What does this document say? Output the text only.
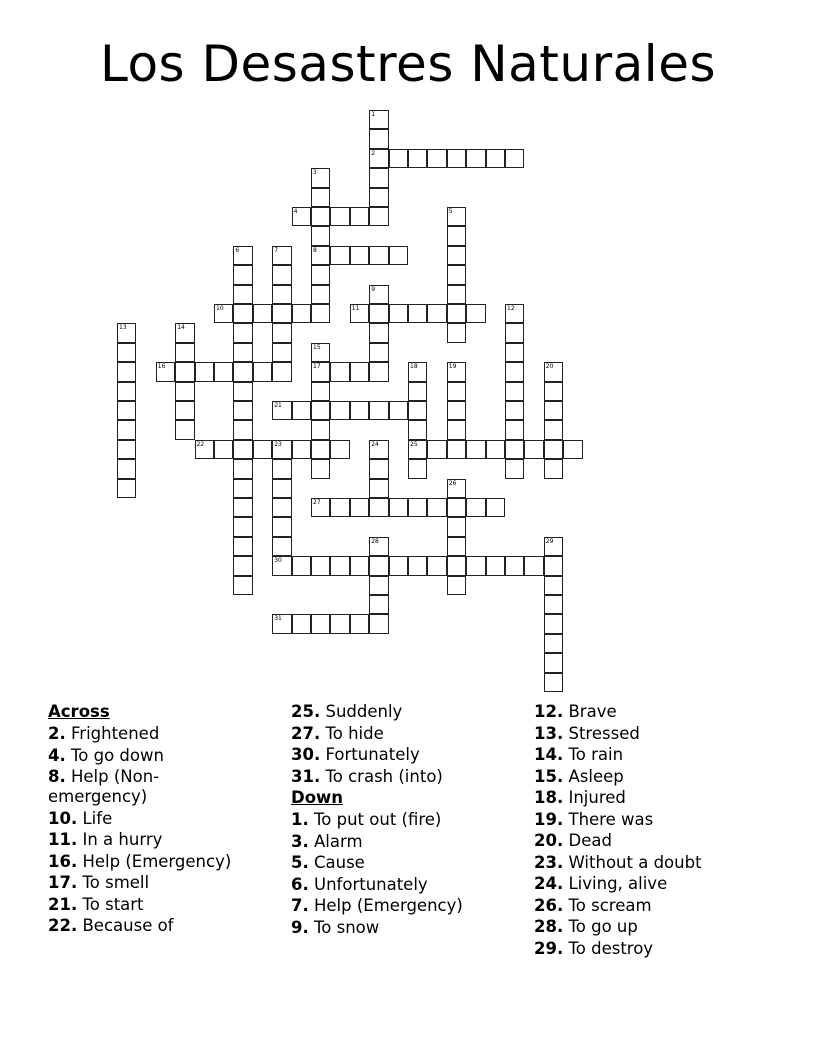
Los Desastres Naturales
1
2
3
8
4	5
6	7
9
10	11	12
13	14
15
17
16	18
25
19	20
21
22	23
30
24
26
27
28	29
31
Across
2. Frightened
4. To go down
8. Help (Non-emergency)
10. Life
11. In a hurry
16. Help (Emergency)
17. To smell
21. To start
22. Because of
25. Suddenly
27. To hide
30. Fortunately
31. To crash (into)
Down
1. To put out (fire)
3. Alarm
5. Cause
6. Unfortunately
7. Help (Emergency)
9. To snow
12. Brave
13. Stressed
14. To rain
15. Asleep
18. Injured
19. There was
20. Dead
23. Without a doubt
24. Living, alive
26. To scream
28. To go up
29. To destroy
